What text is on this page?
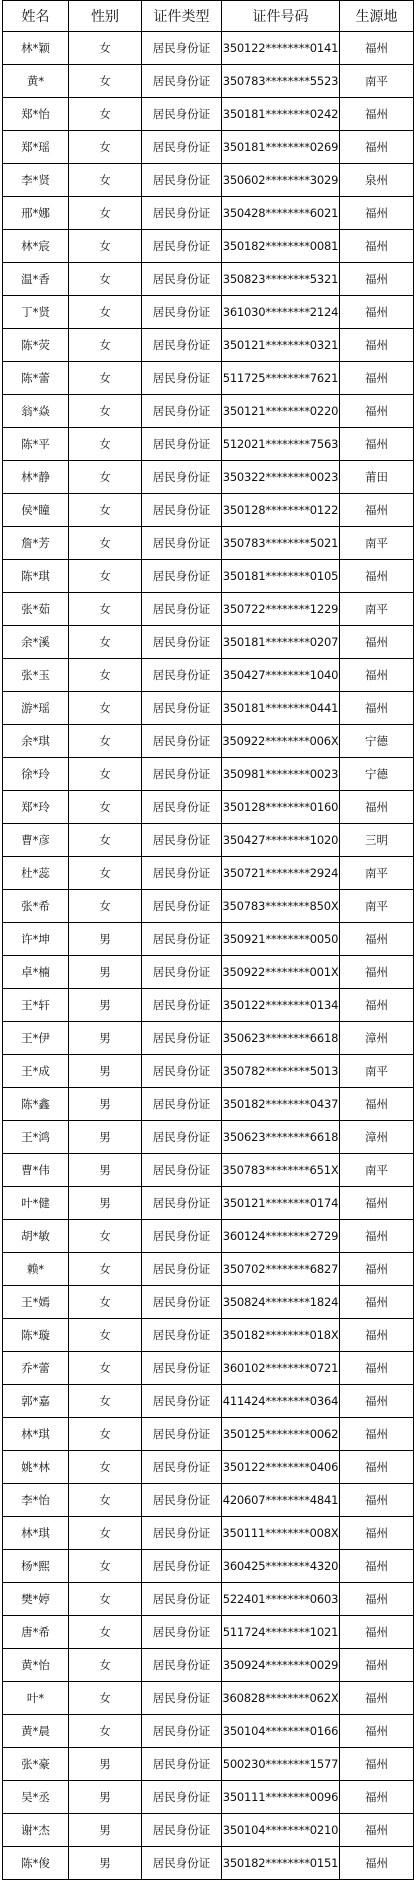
姓名	性别	证件类型	证件号码	生源地
林*颖	女	居民身份证	350122********0141	福州
黄*	女	居民身份证	350783********5523	南平
郑*怡	女	居民身份证	350181********0242	福州
郑*瑶	女	居民身份证	350181********0269	福州
李*贤	女	居民身份证	350602********3029	泉州
邢*娜	女	居民身份证	350428********6021	福州
林*宸	女	居民身份证	350182********0081	福州
温*香	女	居民身份证	350823********5321	福州
丁*贤	女	居民身份证	361030********2124	福州
陈*荧	女	居民身份证	350121********0321	福州
陈*蕾	女	居民身份证	511725********7621	福州
翁*焱	女	居民身份证	350121********0220	福州
陈*平	女	居民身份证	512021********7563	福州
林*静	女	居民身份证	350322********0023	莆田
侯*瞳	女	居民身份证	350128********0122	福州
詹*芳	女	居民身份证	350783********5021	南平
陈*琪	女	居民身份证	350181********0105	福州
张*茹	女	居民身份证	350722********1229	南平
余*溪	女	居民身份证	350181********0207	福州
张*玉	女	居民身份证	350427********1040	福州
游*瑶	女	居民身份证	350181********0441	福州
余*琪	女	居民身份证	350922********006X	宁德
徐*玲	女	居民身份证	350981********0023	宁德
郑*玲	女	居民身份证	350128********0160	福州
曹*彦	女	居民身份证	350427********1020	三明
杜*蕊	女	居民身份证	350721********2924	南平
张*希	女	居民身份证	350783********850X	南平
许*坤	男	居民身份证	350921********0050	福州
卓*楠	男	居民身份证	350922********001X	福州
王*轩	男	居民身份证	350122********0134	福州
王*伊	男	居民身份证	350623********6618	漳州
王*成	男	居民身份证	350782********5013	南平
陈*鑫	男	居民身份证	350182********0437	福州
王*鸿	男	居民身份证	350623********6618	漳州
曹*伟	男	居民身份证	350783********651X	南平
叶*健	男	居民身份证	350121********0174	福州
胡*敏	女	居民身份证	360124********2729	福州
赖*	女	居民身份证	350702********6827	福州
王*嫣	女	居民身份证	350824********1824	福州
陈*璇	女	居民身份证	350182********018X	福州
乔*蕾	女	居民身份证	360102********0721	福州
郭*嘉	女	居民身份证	411424********0364	福州
林*琪	女	居民身份证	350125********0062	福州
姚*林	女	居民身份证	350122********0406	福州
李*怡	女	居民身份证	420607********4841	福州
林*琪	女	居民身份证	350111********008X	福州
杨*熙	女	居民身份证	360425********4320	福州
樊*婷	女	居民身份证	522401********0603	福州
唐*希	女	居民身份证	511724********1021	福州
黄*怡	女	居民身份证	350924********0029	福州
叶*	女	居民身份证	360828********062X	福州
黄*晨	女	居民身份证	350104********0166	福州
张*豪	男	居民身份证	500230********1577	福州
吴*丞	男	居民身份证	350111********0096	福州
谢*杰	男	居民身份证	350104********0210	福州
陈*俊	男	居民身份证	350182********0151	福州
